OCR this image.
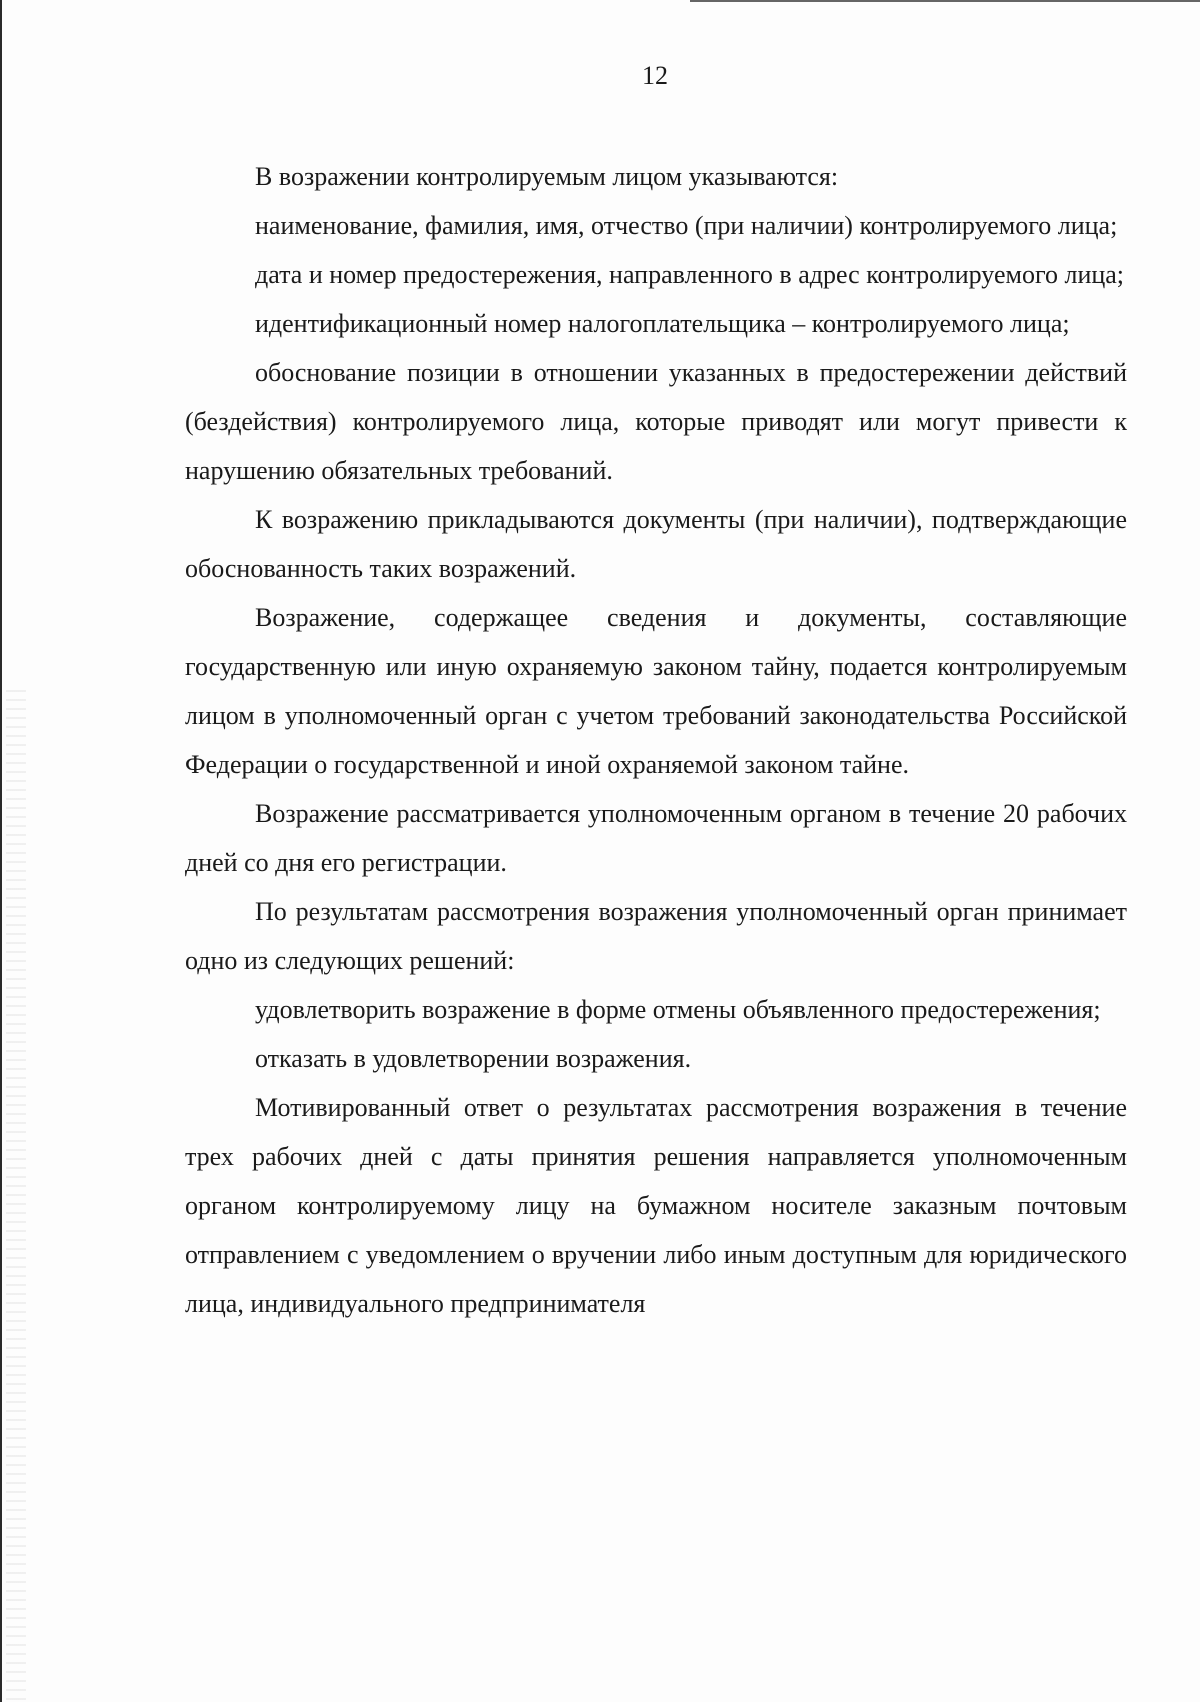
12

В возражении контролируемым лицом указываются:

наименование, фамилия, имя, отчество (при наличии) контролируемого лица;

дата и номер предостережения, направленного в адрес контролируемого лица;

идентификационный номер налогоплательщика – контролируемого лица;

обоснование позиции в отношении указанных в предостережении действий (бездействия) контролируемого лица, которые приводят или могут привести к нарушению обязательных требований.

К возражению прикладываются документы (при наличии), подтверждающие обоснованность таких возражений.

Возражение, содержащее сведения и документы, составляющие государственную или иную охраняемую законом тайну, подается контролируемым лицом в уполномоченный орган с учетом требований законодательства Российской Федерации о государственной и иной охраняемой законом тайне.

Возражение рассматривается уполномоченным органом в течение 20 рабочих дней со дня его регистрации.

По результатам рассмотрения возражения уполномоченный орган принимает одно из следующих решений:

удовлетворить возражение в форме отмены объявленного предостережения;

отказать в удовлетворении возражения.

Мотивированный ответ о результатах рассмотрения возражения в течение трех рабочих дней с даты принятия решения направляется уполномоченным органом контролируемому лицу на бумажном носителе заказным почтовым отправлением с уведомлением о вручении либо иным доступным для юридического лица, индивидуального предпринимателя
